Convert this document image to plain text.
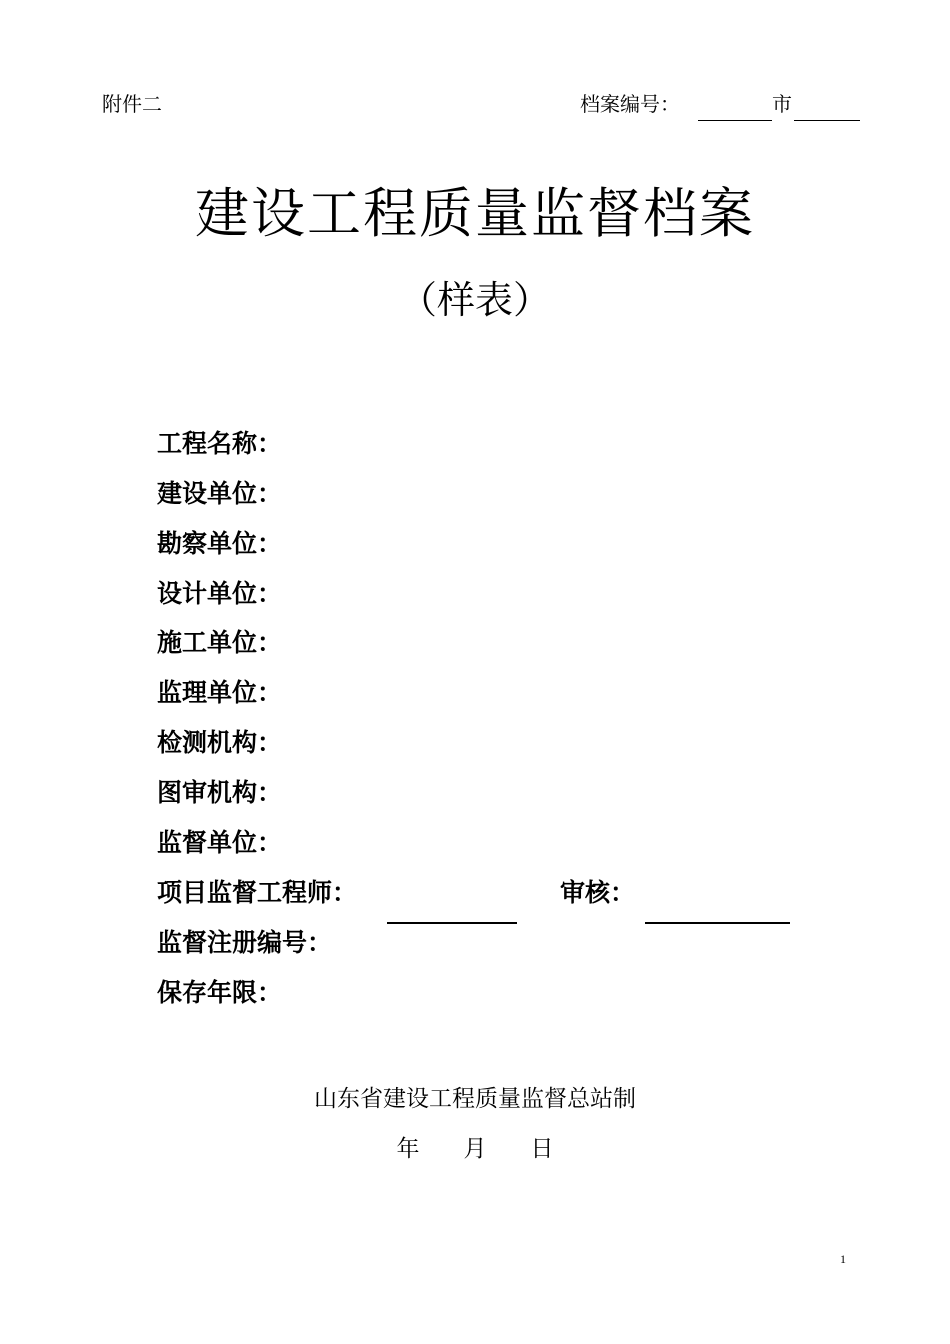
附件二	档案编号：	市
建设工程质量监督档案
（样表）
工程名称：
建设单位：
勘察单位：
设计单位：
施工单位：
监理单位：
检测机构：
图审机构：
监督单位：
项目监督工程师：
监督注册编号：
保存年限：
审核：
山东省建设工程质量监督总站制
年 月 日
1
